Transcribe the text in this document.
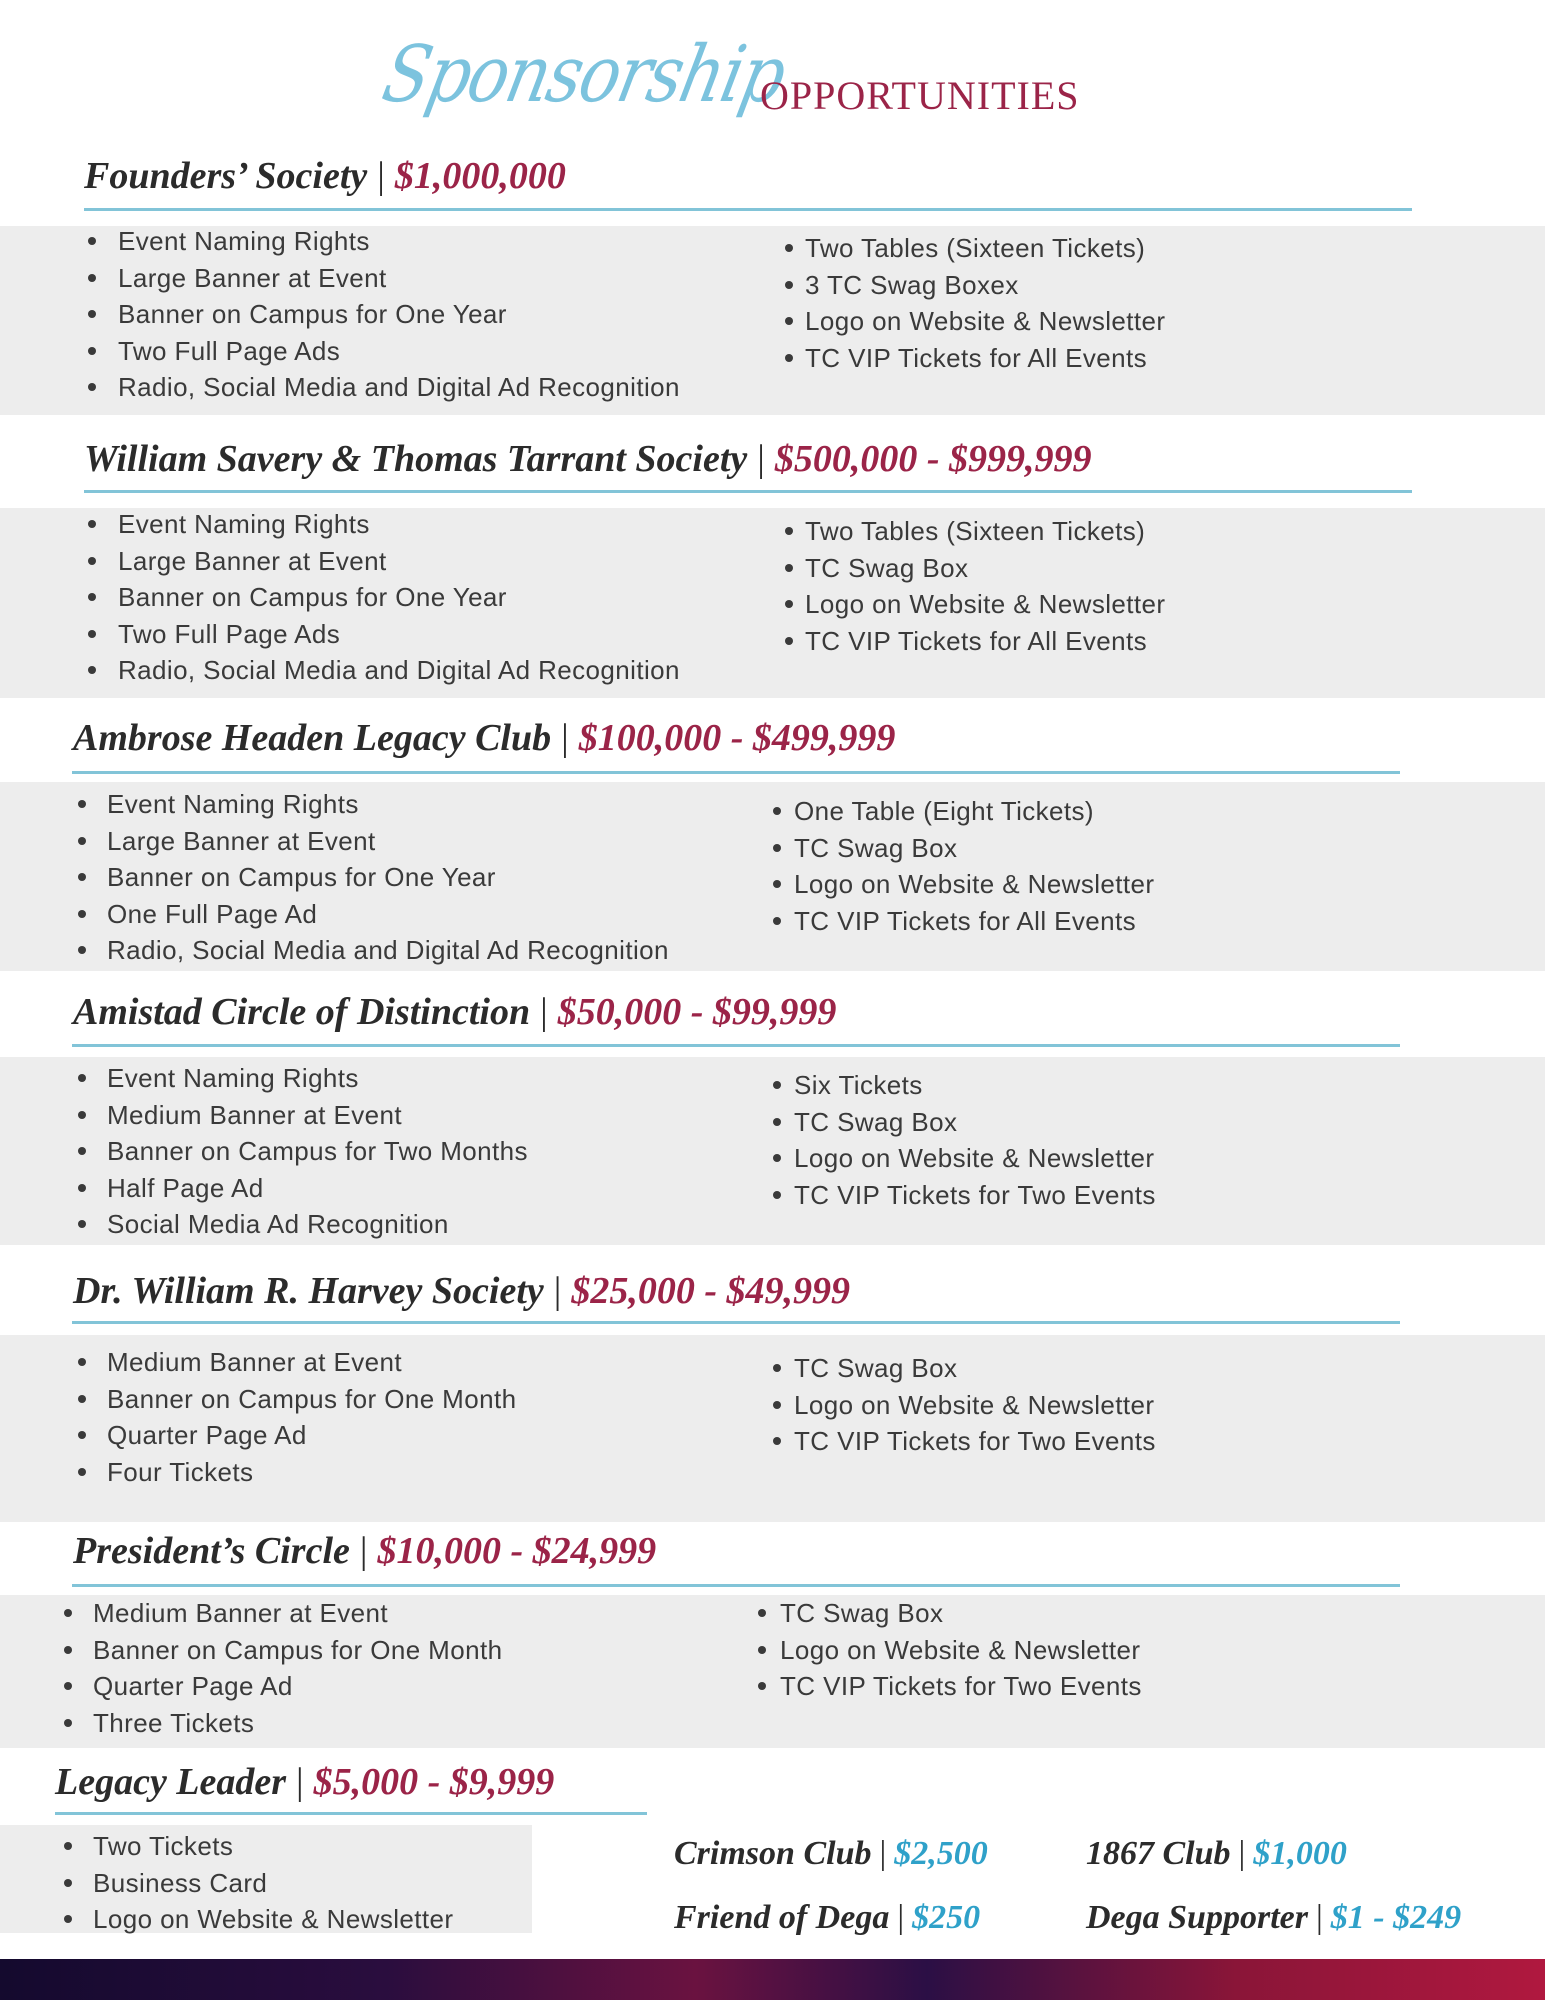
Sponsorship
OPPORTUNITIES
Founders’ Society | $1,000,000
Event Naming Rights
Large Banner at Event
Banner on Campus for One Year
Two Full Page Ads
Radio, Social Media and Digital Ad Recognition
Two Tables (Sixteen Tickets)
3 TC Swag Boxex
Logo on Website & Newsletter
TC VIP Tickets for All Events
William Savery & Thomas Tarrant Society | $500,000 - $999,999
Event Naming Rights
Large Banner at Event
Banner on Campus for One Year
Two Full Page Ads
Radio, Social Media and Digital Ad Recognition
Two Tables (Sixteen Tickets)
TC Swag Box
Logo on Website & Newsletter
TC VIP Tickets for All Events
Ambrose Headen Legacy Club | $100,000 - $499,999
Event Naming Rights
Large Banner at Event
Banner on Campus for One Year
One Full Page Ad
Radio, Social Media and Digital Ad Recognition
One Table (Eight Tickets)
TC Swag Box
Logo on Website & Newsletter
TC VIP Tickets for All Events
Amistad Circle of Distinction | $50,000 - $99,999
Event Naming Rights
Medium Banner at Event
Banner on Campus for Two Months
Half Page Ad
Social Media Ad Recognition
Six Tickets
TC Swag Box
Logo on Website & Newsletter
TC VIP Tickets for Two Events
Dr. William R. Harvey Society | $25,000 - $49,999
Medium Banner at Event
Banner on Campus for One Month
Quarter Page Ad
Four Tickets
TC Swag Box
Logo on Website & Newsletter
TC VIP Tickets for Two Events
President’s Circle | $10,000 - $24,999
Medium Banner at Event
Banner on Campus for One Month
Quarter Page Ad
Three Tickets
TC Swag Box
Logo on Website & Newsletter
TC VIP Tickets for Two Events
Legacy Leader | $5,000 - $9,999
Two Tickets
Business Card
Logo on Website & Newsletter
Crimson Club | $2,500	1867 Club | $1,000
Friend of Dega | $250	Dega Supporter | $1 - $249
